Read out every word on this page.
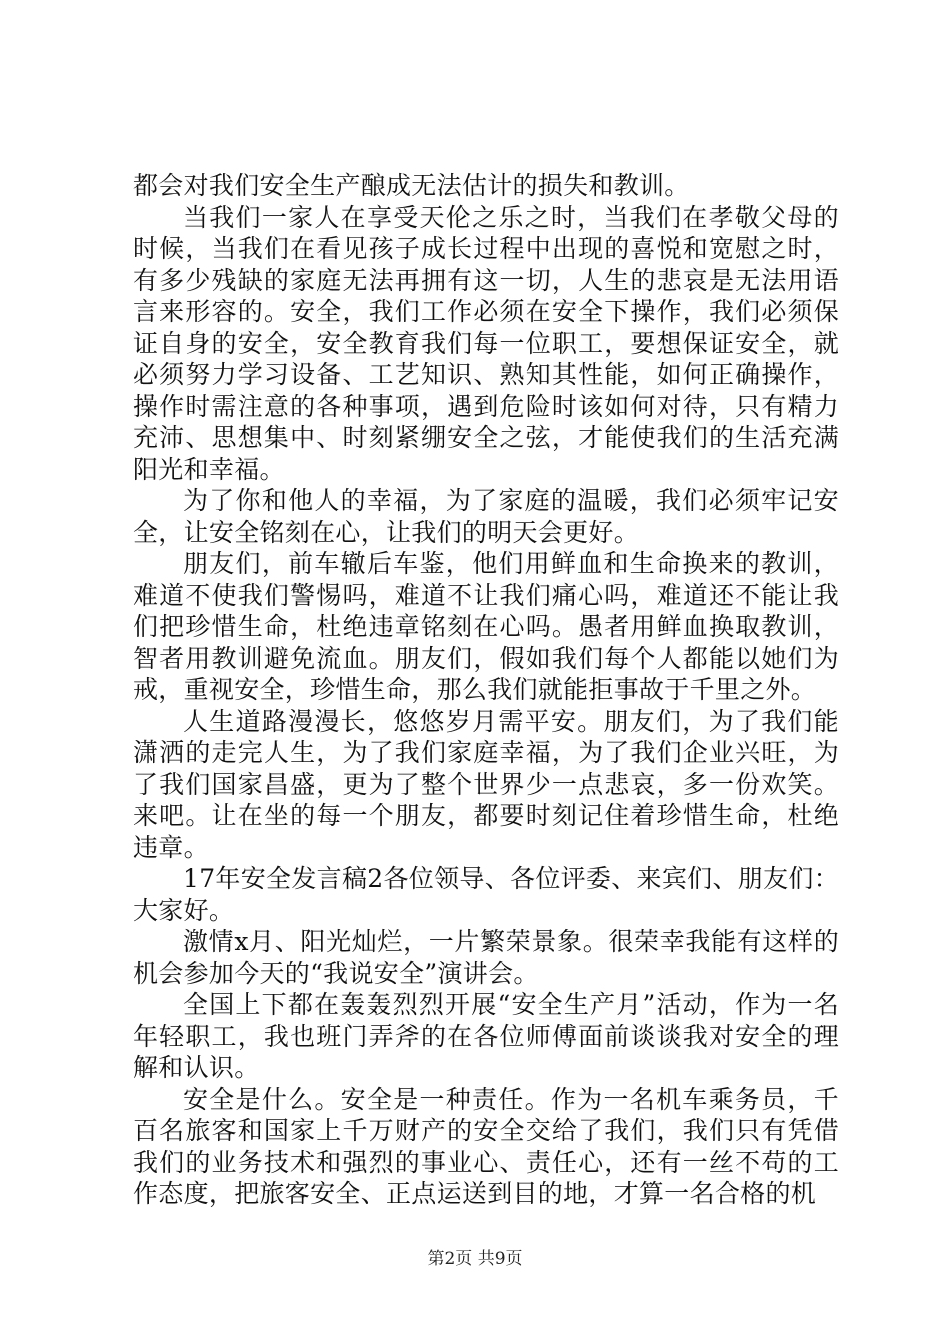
都会对我们安全生产酿成无法估计的损失和教训。

当我们一家人在享受天伦之乐之时，当我们在孝敬父母的时候，当我们在看见孩子成长过程中出现的喜悦和宽慰之时，有多少残缺的家庭无法再拥有这一切，人生的悲哀是无法用语言来形容的。安全，我们工作必须在安全下操作，我们必须保证自身的安全，安全教育我们每一位职工，要想保证安全，就必须努力学习设备、工艺知识、熟知其性能，如何正确操作，操作时需注意的各种事项，遇到危险时该如何对待，只有精力充沛、思想集中、时刻紧绷安全之弦，才能使我们的生活充满阳光和幸福。

为了你和他人的幸福，为了家庭的温暖，我们必须牢记安全，让安全铭刻在心，让我们的明天会更好。

朋友们，前车辙后车鉴，他们用鲜血和生命换来的教训，难道不使我们警惕吗，难道不让我们痛心吗，难道还不能让我们把珍惜生命，杜绝违章铭刻在心吗。愚者用鲜血换取教训，智者用教训避免流血。朋友们，假如我们每个人都能以她们为戒，重视安全，珍惜生命，那么我们就能拒事故于千里之外。

人生道路漫漫长，悠悠岁月需平安。朋友们，为了我们能潇洒的走完人生，为了我们家庭幸福，为了我们企业兴旺，为了我们国家昌盛，更为了整个世界少一点悲哀，多一份欢笑。来吧。让在坐的每一个朋友，都要时刻记住着珍惜生命，杜绝违章。

17年安全发言稿2各位领导、各位评委、来宾们、朋友们：大家好。

激情x月、阳光灿烂，一片繁荣景象。很荣幸我能有这样的机会参加今天的“我说安全”演讲会。

全国上下都在轰轰烈烈开展“安全生产月”活动，作为一名年轻职工，我也班门弄斧的在各位师傅面前谈谈我对安全的理解和认识。

安全是什么。安全是一种责任。作为一名机车乘务员，千百名旅客和国家上千万财产的安全交给了我们，我们只有凭借我们的业务技术和强烈的事业心、责任心，还有一丝不苟的工作态度，把旅客安全、正点运送到目的地，才算一名合格的机

第2页 共9页
